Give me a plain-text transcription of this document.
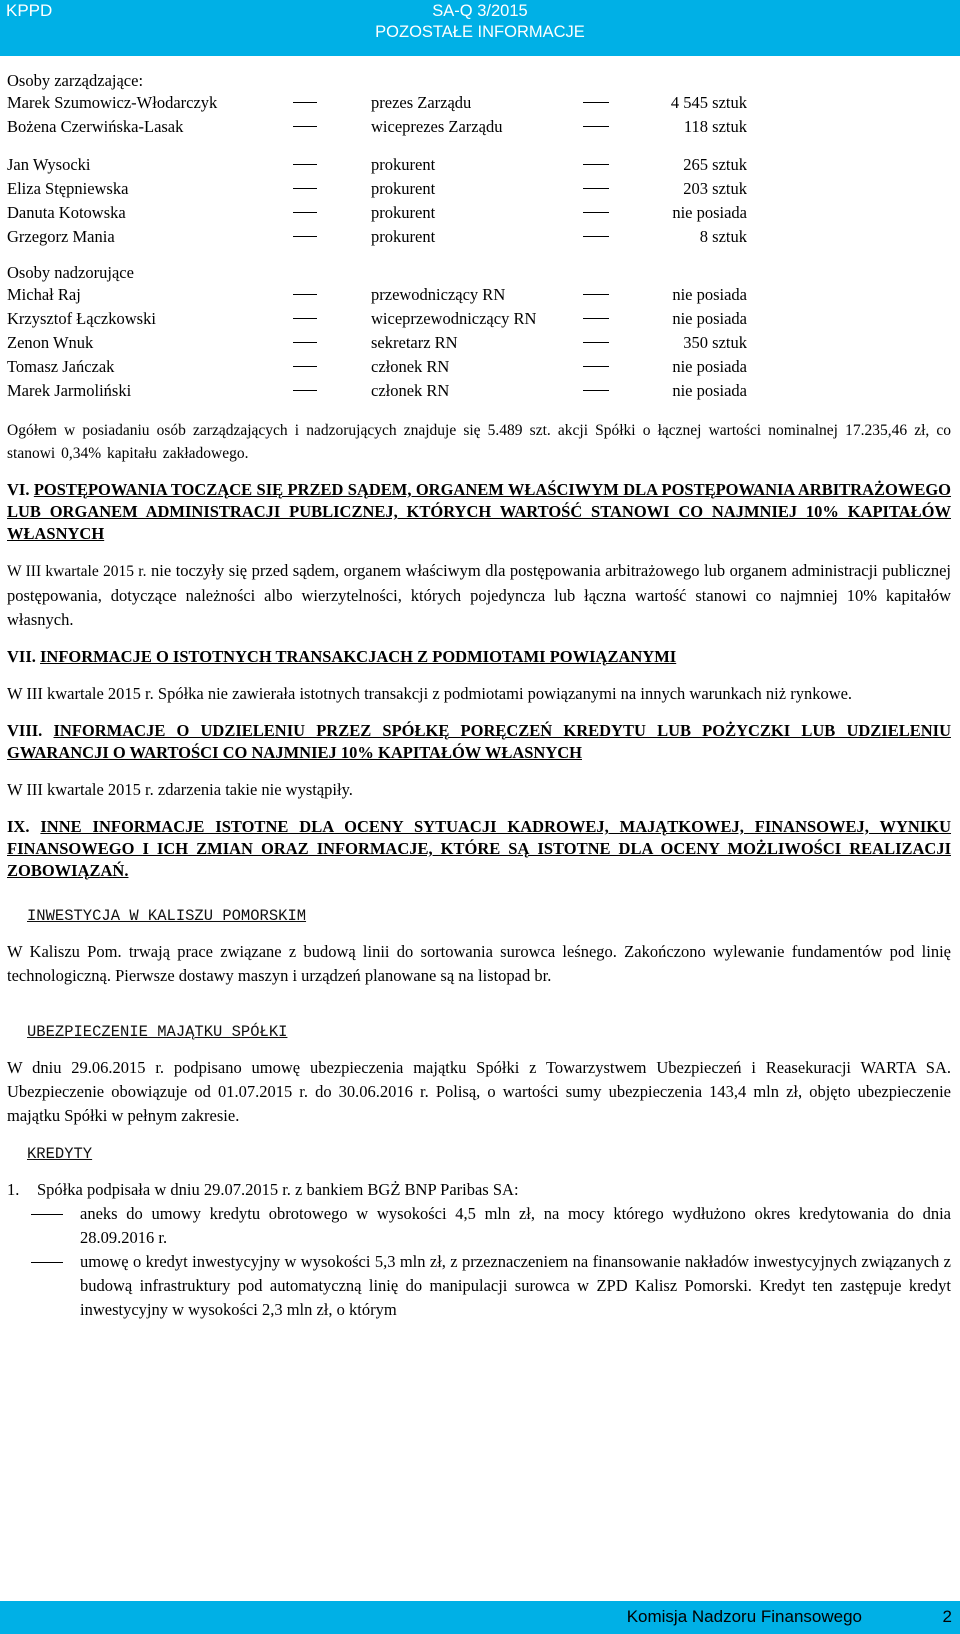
KPPD	SA-Q 3/2015
POZOSTAŁE INFORMACJE
Osoby zarządzające:
Marek Szumowicz-Włodarczyk	prezes Zarządu	4 545 sztuk
Bożena Czerwińska-Lasak	wiceprezes Zarządu	118 sztuk
Jan Wysocki	prokurent	265 sztuk
Eliza Stępniewska	prokurent	203 sztuk
Danuta Kotowska	prokurent	nie posiada
Grzegorz Mania	prokurent	8 sztuk
Osoby nadzorujące
Michał Raj	przewodniczący RN	nie posiada
Krzysztof Łączkowski	wiceprzewodniczący RN	nie posiada
Zenon Wnuk	sekretarz RN	350 sztuk
Tomasz Jańczak	członek RN	nie posiada
Marek Jarmoliński	członek RN	nie posiada
Ogółem w posiadaniu osób zarządzających i nadzorujących znajduje się 5.489 szt. akcji Spółki o łącznej wartości nominalnej 17.235,46 zł, co stanowi 0,34% kapitału zakładowego.
VI. POSTĘPOWANIA TOCZĄCE SIĘ PRZED SĄDEM, ORGANEM WŁAŚCIWYM DLA POSTĘPOWANIA ARBITRAŻOWEGO LUB ORGANEM ADMINISTRACJI PUBLICZNEJ, KTÓRYCH WARTOŚĆ STANOWI CO NAJMNIEJ 10% KAPITAŁÓW WŁASNYCH
W III kwartale 2015 r. nie toczyły się przed sądem, organem właściwym dla postępowania arbitrażowego lub organem administracji publicznej postępowania, dotyczące należności albo wierzytelności, których pojedyncza lub łączna wartość stanowi co najmniej 10% kapitałów własnych.
VII. INFORMACJE O ISTOTNYCH TRANSAKCJACH Z PODMIOTAMI POWIĄZANYMI
W III kwartale 2015 r. Spółka nie zawierała istotnych transakcji z podmiotami powiązanymi na innych warunkach niż rynkowe.
VIII. INFORMACJE O UDZIELENIU PRZEZ SPÓŁKĘ PORĘCZEŃ KREDYTU LUB POŻYCZKI LUB UDZIELENIU GWARANCJI O WARTOŚCI CO NAJMNIEJ 10% KAPITAŁÓW WŁASNYCH
W III kwartale 2015 r. zdarzenia takie nie wystąpiły.
IX. INNE INFORMACJE ISTOTNE DLA OCENY SYTUACJI KADROWEJ, MAJĄTKOWEJ, FINANSOWEJ, WYNIKU FINANSOWEGO I ICH ZMIAN ORAZ INFORMACJE, KTÓRE SĄ ISTOTNE DLA OCENY MOŻLIWOŚCI REALIZACJI ZOBOWIĄZAŃ.
INWESTYCJA W KALISZU POMORSKIM
W Kaliszu Pom. trwają prace związane z budową linii do sortowania surowca leśnego. Zakończono wylewanie fundamentów pod linię technologiczną. Pierwsze dostawy maszyn i urządzeń planowane są na listopad br.
UBEZPIECZENIE MAJĄTKU SPÓŁKI
W dniu 29.06.2015 r. podpisano umowę ubezpieczenia majątku Spółki z Towarzystwem Ubezpieczeń i Reasekuracji WARTA SA. Ubezpieczenie obowiązuje od 01.07.2015 r. do 30.06.2016 r. Polisą, o wartości sumy ubezpieczenia 143,4 mln zł, objęto ubezpieczenie majątku Spółki w pełnym zakresie.
KREDYTY
1. Spółka podpisała w dniu 29.07.2015 r. z bankiem BGŻ BNP Paribas SA:
aneks do umowy kredytu obrotowego w wysokości 4,5 mln zł, na mocy którego wydłużono okres kredytowania do dnia 28.09.2016 r.
umowę o kredyt inwestycyjny w wysokości 5,3 mln zł, z przeznaczeniem na finansowanie nakładów inwestycyjnych związanych z budową infrastruktury pod automatyczną linię do manipulacji surowca w ZPD Kalisz Pomorski. Kredyt ten zastępuje kredyt inwestycyjny w wysokości 2,3 mln zł, o którym
Komisja Nadzoru Finansowego	2
